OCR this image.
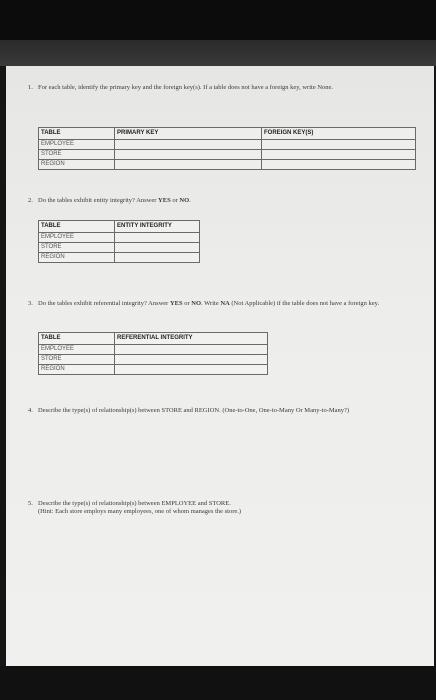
1. For each table, identify the primary key and the foreign key(s). If a table does not have a foreign key, write None.
TABLE	PRIMARY KEY	FOREIGN KEY(S)
EMPLOYEE		
STORE		
REGION		
2. Do the tables exhibit entity integrity? Answer YES or NO.
TABLE	ENTITY INTEGRITY
EMPLOYEE	
STORE	
REGION	
3. Do the tables exhibit referential integrity? Answer YES or NO. Write NA (Not Applicable) if the table does not have a foreign key.
TABLE	REFERENTIAL INTEGRITY
EMPLOYEE	
STORE	
REGION	
4. Describe the type(s) of relationship(s) between STORE and REGION. (One-to-One, One-to-Many Or Many-to-Many?)
5. Describe the type(s) of relationship(s) between EMPLOYEE and STORE.
(Hint: Each store employs many employees, one of whom manages the store.)
